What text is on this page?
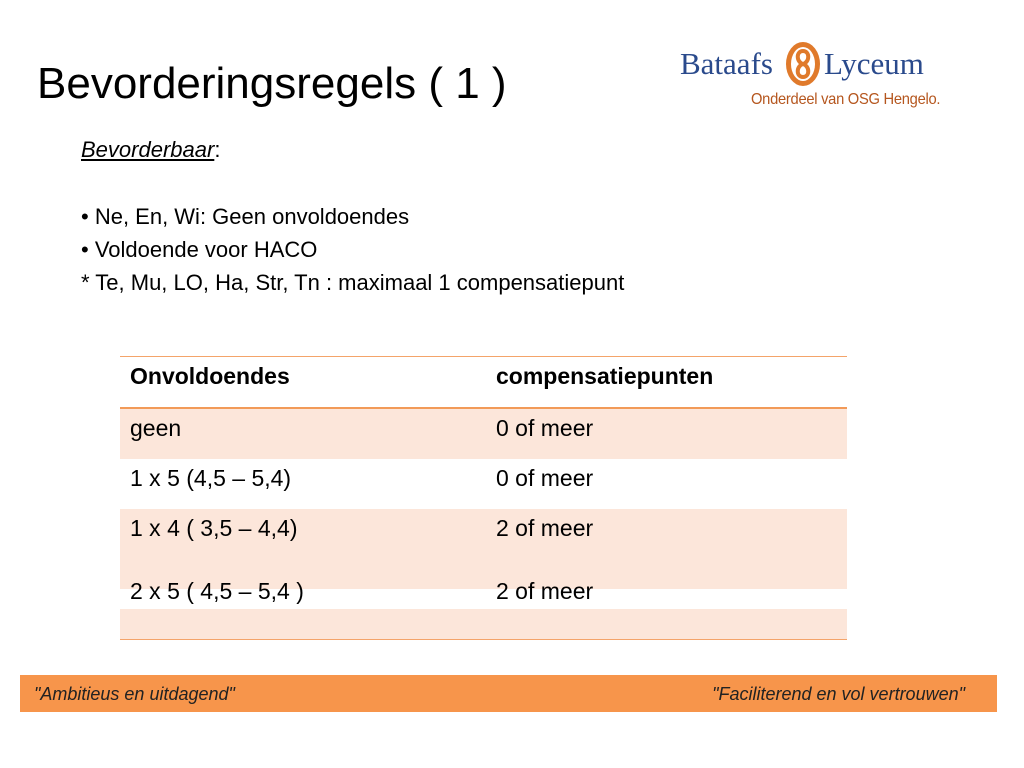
Bevorderingsregels ( 1 )	Bataafs Lyceum
Onderdeel van OSG Hengelo.
Bevorderbaar:
• Ne, En, Wi: Geen onvoldoendes
• Voldoende voor HACO
* Te, Mu, LO, Ha, Str, Tn : maximaal 1 compensatiepunt
Onvoldoendes	compensatiepunten
geen	0 of meer
1 x 5 (4,5 – 5,4)	0 of meer

1 x 4 ( 3,5 – 4,4)	2 of meer
2 x 5 ( 4,5 – 5,4 )	2 of meer
"Ambitieus en uitdagend"	"Faciliterend en vol vertrouwen"
